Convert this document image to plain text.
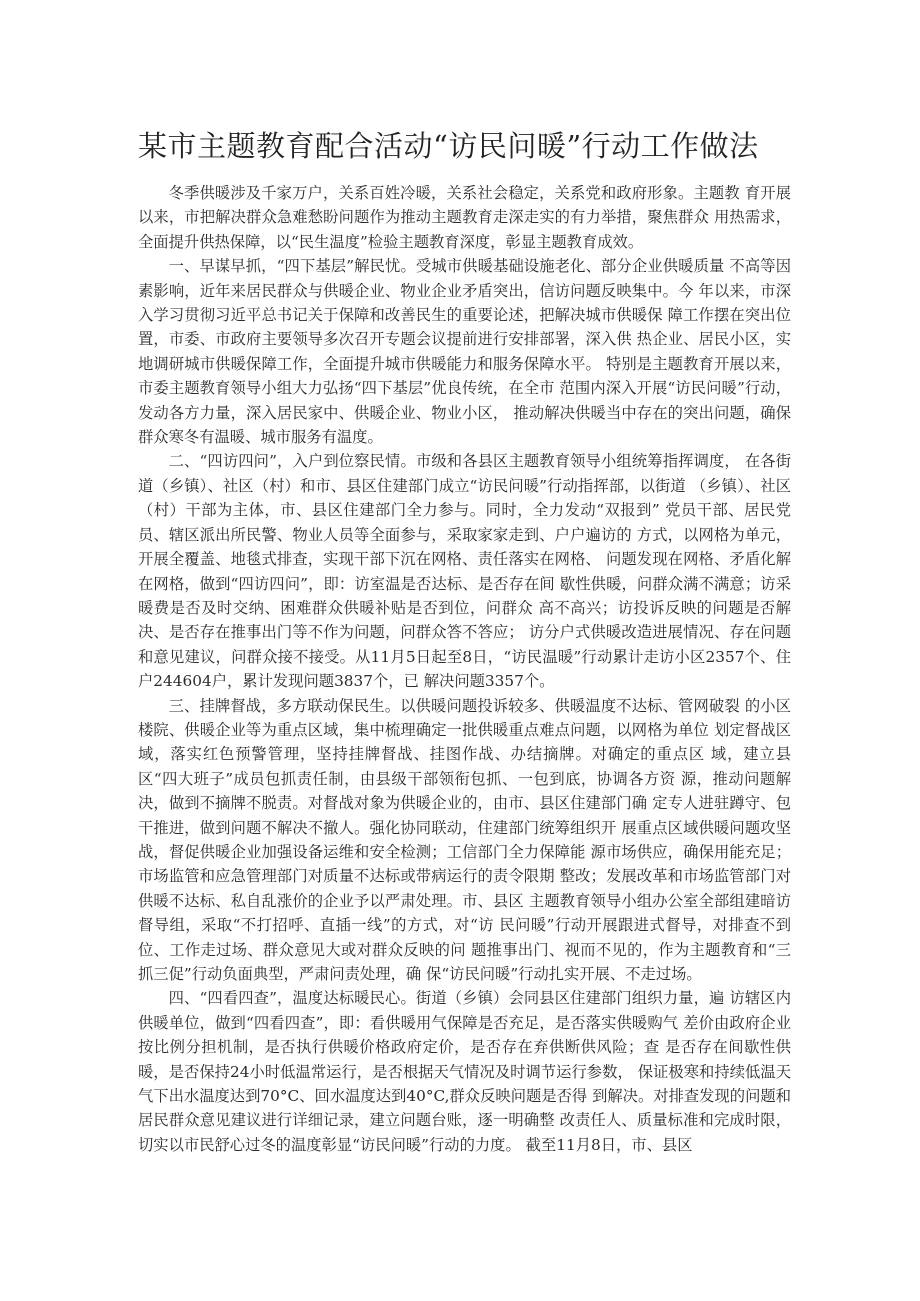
某市主题教育配合活动“访民问暖”行动工作做法

冬季供暖涉及千家万户，关系百姓冷暖，关系社会稳定，关系党和政府形象。主题教 育开展以来，市把解决群众急难愁盼问题作为推动主题教育走深走实的有力举措，聚焦群众 用热需求，全面提升供热保障，以“民生温度”检验主题教育深度，彰显主题教育成效。

一、早谋早抓，“四下基层”解民忧。受城市供暖基础设施老化、部分企业供暖质量 不高等因素影响，近年来居民群众与供暖企业、物业企业矛盾突出，信访问题反映集中。今 年以来，市深入学习贯彻习近平总书记关于保障和改善民生的重要论述，把解决城市供暖保 障工作摆在突出位置，市委、市政府主要领导多次召开专题会议提前进行安排部署，深入供 热企业、居民小区，实地调研城市供暖保障工作，全面提升城市供暖能力和服务保障水平。 特别是主题教育开展以来，市委主题教育领导小组大力弘扬“四下基层”优良传统，在全市 范围内深入开展“访民问暖”行动，发动各方力量，深入居民家中、供暖企业、物业小区， 推动解决供暖当中存在的突出问题，确保群众寒冬有温暖、城市服务有温度。

二、“四访四问”，入户到位察民情。市级和各县区主题教育领导小组统筹指挥调度， 在各街道（乡镇）、社区（村）和市、县区住建部门成立“访民问暖”行动指挥部，以街道 （乡镇）、社区（村）干部为主体，市、县区住建部门全力参与。同时，全力发动“双报到” 党员干部、居民党员、辖区派出所民警、物业人员等全面参与，采取家家走到、户户遍访的 方式，以网格为单元，开展全覆盖、地毯式排查，实现干部下沉在网格、责任落实在网格、 问题发现在网格、矛盾化解在网格，做到“四访四问”，即：访室温是否达标、是否存在间 歇性供暖，问群众满不满意；访采暖费是否及时交纳、困难群众供暖补贴是否到位，问群众 高不高兴；访投诉反映的问题是否解决、是否存在推事出门等不作为问题，问群众答不答应； 访分户式供暖改造进展情况、存在问题和意见建议，问群众接不接受。从11月5日起至8日，“访民温暖”行动累计走访小区2357个、住户244604户，累计发现问题3837个，已 解决问题3357个。

三、挂牌督战，多方联动保民生。以供暖问题投诉较多、供暖温度不达标、管网破裂 的小区楼院、供暖企业等为重点区域，集中梳理确定一批供暖重点难点问题，以网格为单位 划定督战区域，落实红色预警管理，坚持挂牌督战、挂图作战、办结摘牌。对确定的重点区 域，建立县区“四大班子”成员包抓责任制，由县级干部领衔包抓、一包到底，协调各方资 源，推动问题解决，做到不摘牌不脱责。对督战对象为供暖企业的，由市、县区住建部门确 定专人进驻蹲守、包干推进，做到问题不解决不撤人。强化协同联动，住建部门统筹组织开 展重点区域供暖问题攻坚战，督促供暖企业加强设备运维和安全检测；工信部门全力保障能 源市场供应，确保用能充足；市场监管和应急管理部门对质量不达标或带病运行的责令限期 整改；发展改革和市场监管部门对供暖不达标、私自乱涨价的企业予以严肃处理。市、县区 主题教育领导小组办公室全部组建暗访督导组，采取“不打招呼、直插一线”的方式，对“访 民问暖”行动开展跟进式督导，对排查不到位、工作走过场、群众意见大或对群众反映的问 题推事出门、视而不见的，作为主题教育和“三抓三促”行动负面典型，严肃问责处理，确 保“访民问暖”行动扎实开展、不走过场。

四、“四看四查”，温度达标暖民心。街道（乡镇）会同县区住建部门组织力量，遍 访辖区内供暖单位，做到“四看四查”，即：看供暖用气保障是否充足，是否落实供暖购气 差价由政府企业按比例分担机制，是否执行供暖价格政府定价，是否存在弃供断供风险；查 是否存在间歇性供暖，是否保持24小时低温常运行，是否根据天气情况及时调节运行参数， 保证极寒和持续低温天气下出水温度达到70°C、回水温度达到40°C,群众反映问题是否得 到解决。对排查发现的问题和居民群众意见建议进行详细记录，建立问题台账，逐一明确整 改责任人、质量标准和完成时限，切实以市民舒心过冬的温度彰显“访民问暖”行动的力度。 截至11月8日，市、县区
